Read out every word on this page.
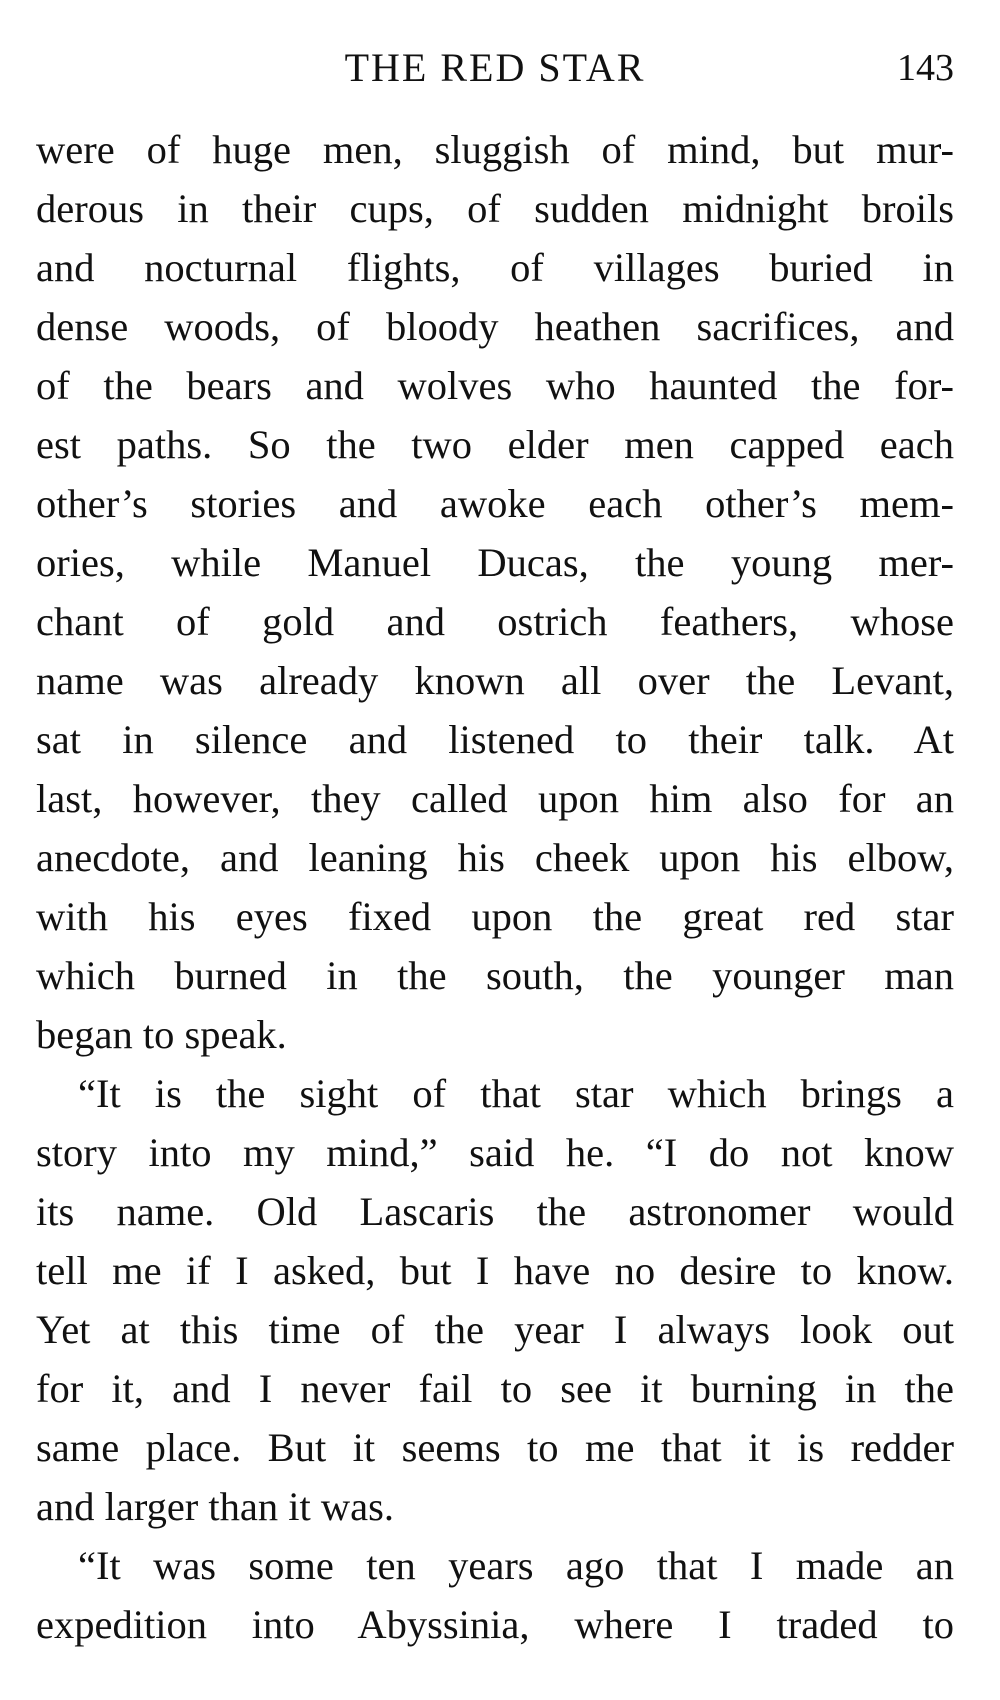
THE RED STAR	143
were of huge men, sluggish of mind, but mur-
derous in their cups, of sudden midnight broils
and nocturnal flights, of villages buried in
dense woods, of bloody heathen sacrifices, and
of the bears and wolves who haunted the for-
est paths. So the two elder men capped each
other’s stories and awoke each other’s mem-
ories, while Manuel Ducas, the young mer-
chant of gold and ostrich feathers, whose
name was already known all over the Levant,
sat in silence and listened to their talk. At
last, however, they called upon him also for an
anecdote, and leaning his cheek upon his elbow,
with his eyes fixed upon the great red star
which burned in the south, the younger man
began to speak.
“It is the sight of that star which brings a
story into my mind,” said he. “I do not know
its name. Old Lascaris the astronomer would
tell me if I asked, but I have no desire to know.
Yet at this time of the year I always look out
for it, and I never fail to see it burning in the
same place. But it seems to me that it is redder
and larger than it was.
“It was some ten years ago that I made an
expedition into Abyssinia, where I traded to
